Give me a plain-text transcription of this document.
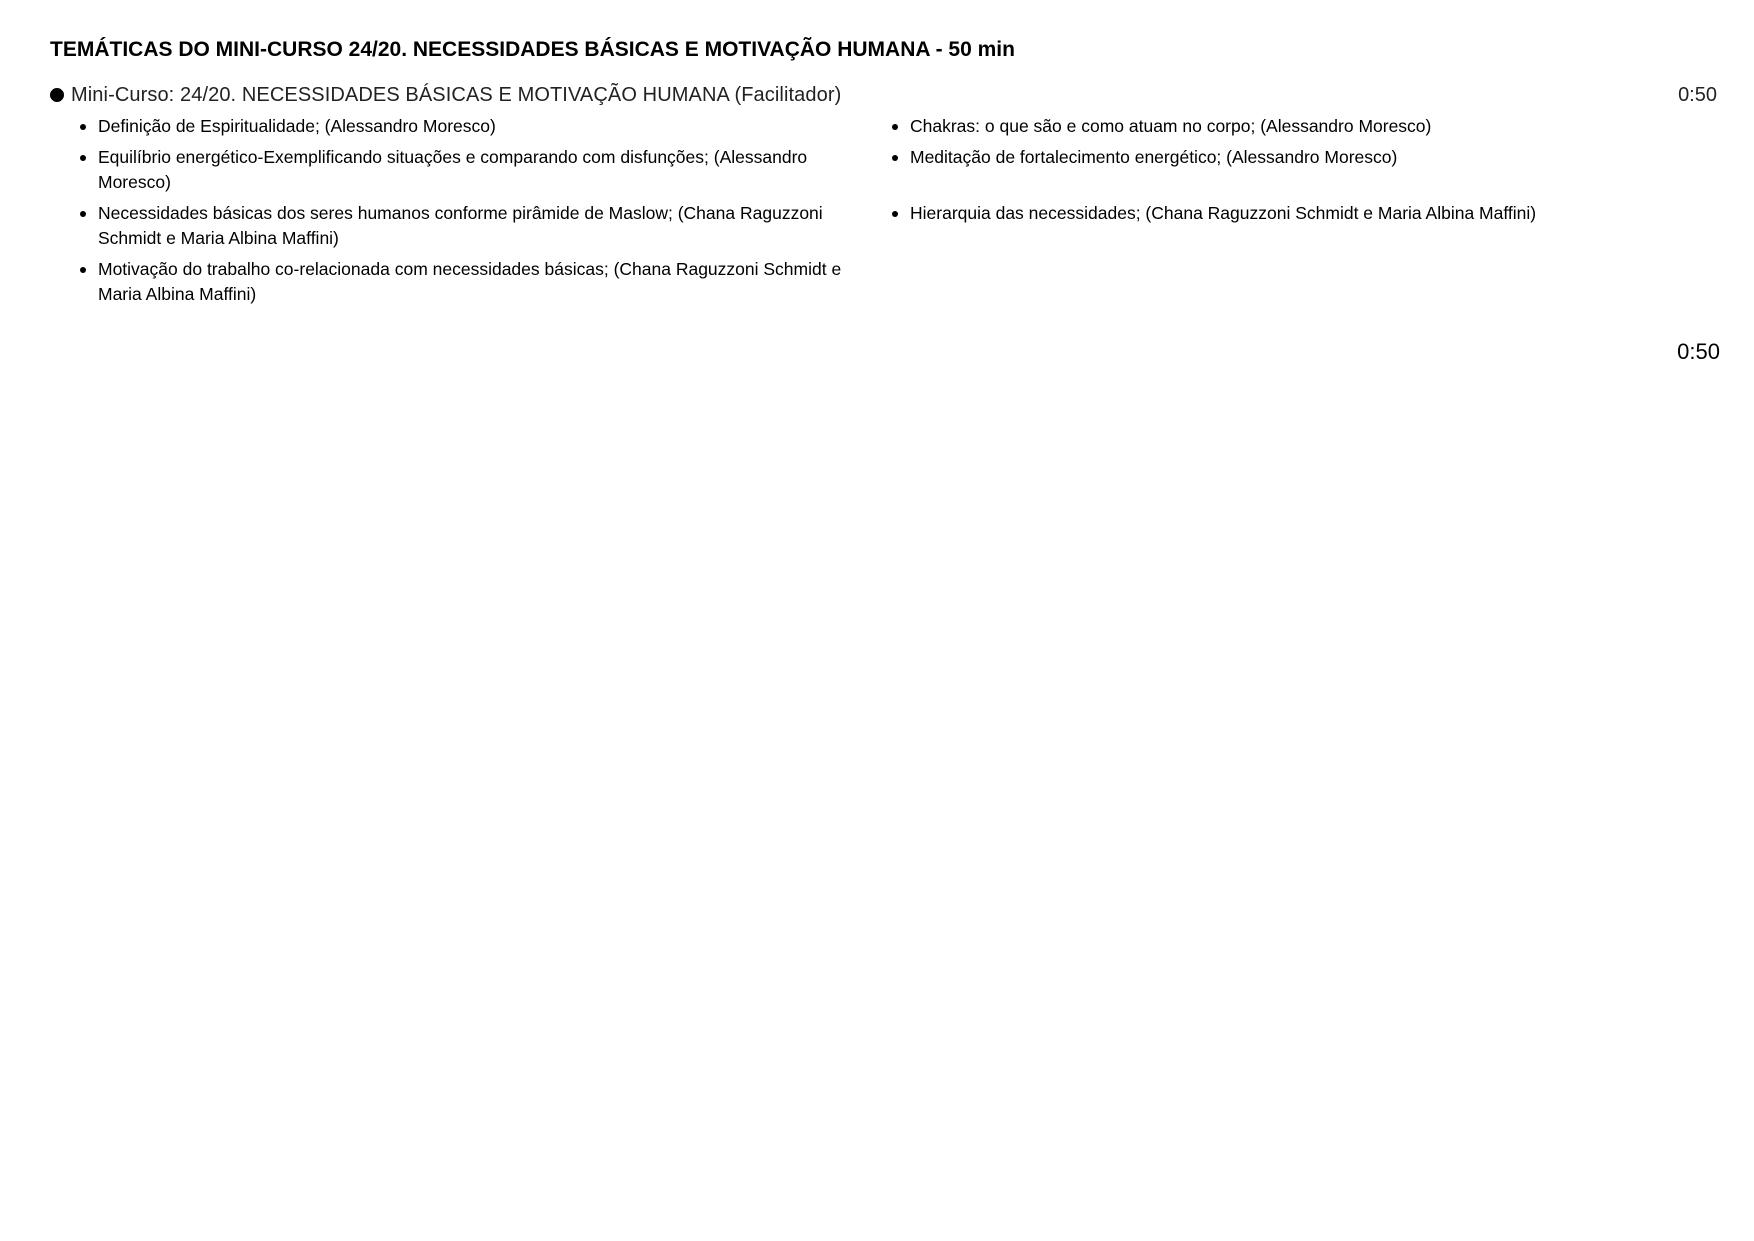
TEMÁTICAS DO MINI-CURSO 24/20. NECESSIDADES BÁSICAS E MOTIVAÇÃO HUMANA - 50 min
Mini-Curso: 24/20. NECESSIDADES BÁSICAS E MOTIVAÇÃO HUMANA (Facilitador)	0:50
Definição de Espiritualidade; (Alessandro Moresco)	Chakras: o que são e como atuam no corpo; (Alessandro Moresco)
Equilíbrio energético-Exemplificando situações e comparando com disfunções; (Alessandro Moresco)
Meditação de fortalecimento energético; (Alessandro Moresco)
Necessidades básicas dos seres humanos conforme pirâmide de Maslow; (Chana Raguzzoni Schmidt e Maria Albina Maffini)
Hierarquia das necessidades; (Chana Raguzzoni Schmidt e Maria Albina Maffini)
Motivação do trabalho co-relacionada com necessidades básicas; (Chana Raguzzoni Schmidt e Maria Albina Maffini)
0:50
